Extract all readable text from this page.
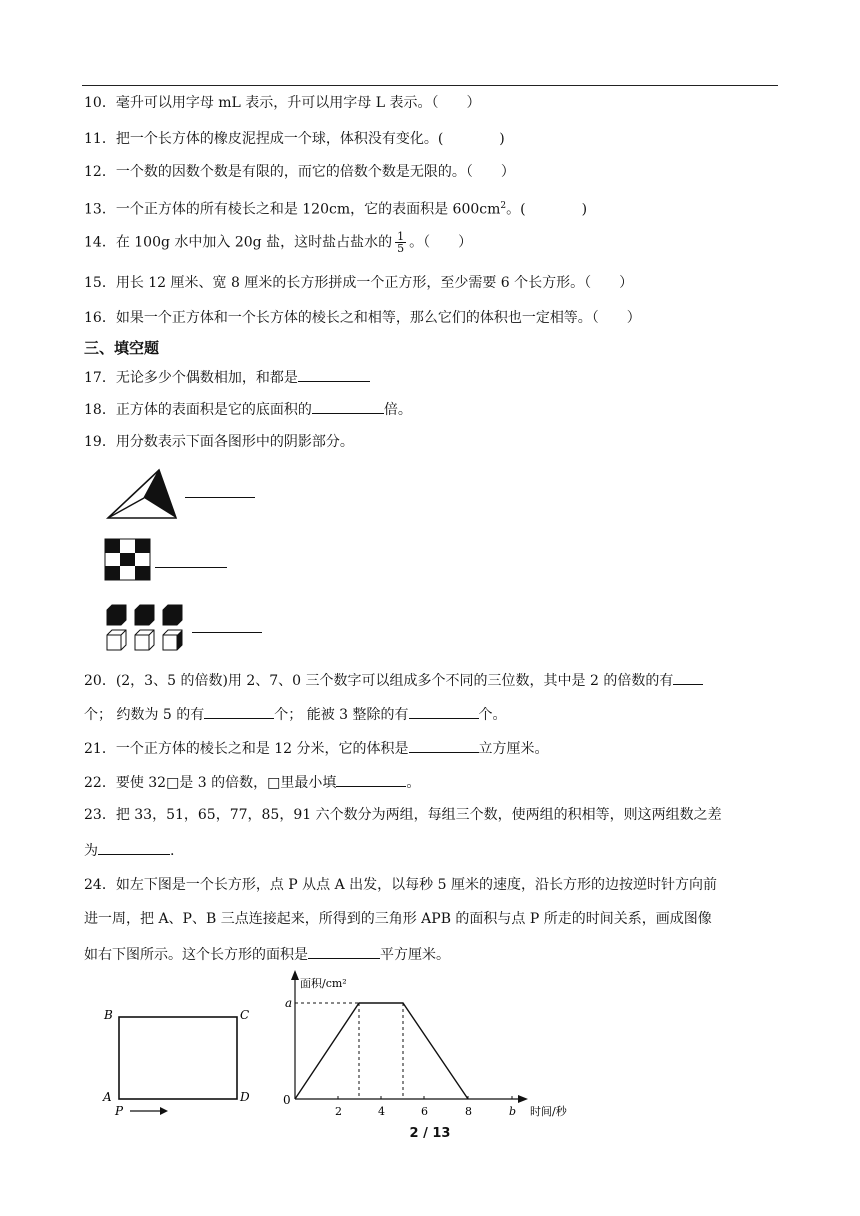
10．毫升可以用字母 mL 表示，升可以用字母 L 表示。（　　）
11．把一个长方体的橡皮泥捏成一个球，体积没有变化。(　　　　)
12．一个数的因数个数是有限的，而它的倍数个数是无限的。（　　）
13．一个正方体的所有棱长之和是 120cm，它的表面积是 $600cm^2$。(　　　　)
14．在 100g 水中加入 20g 盐，这时盐占盐水的 $\frac{1}{5}$ 。（　　）
15．用长 12 厘米、宽 8 厘米的长方形拼成一个正方形，至少需要 6 个长方形。（　　）
16．如果一个正方体和一个长方体的棱长之和相等，那么它们的体积也一定相等。（　　）
三、填空题
17．无论多少个偶数相加，和都是
18．正方体的表面积是它的底面积的	倍。
19．用分数表示下面各图形中的阴影部分。
20．(2，3、5 的倍数)用 2、7、0 三个数字可以组成多个不同的三位数，其中是 2 的倍数的有
个； 约数为 5 的有	个； 能被 3 整除的有	个。
21．一个正方体的棱长之和是 12 分米，它的体积是	立方厘米。
22．要使 32□是 3 的倍数，□里最小填	。
23．把 33，51，65，77，85，91 六个数分为两组，每组三个数，使两组的积相等，则这两组数之差
为	.
24．如左下图是一个长方形，点 P 从点 A 出发，以每秒 5 厘米的速度，沿长方形的边按逆时针方向前
进一周，把 A、P、B 三点连接起来，所得到的三角形 APB 的面积与点 P 所走的时间关系，画成图像
如右下图所示。这个长方形的面积是	平方厘米。
B	C
A	D
P
面积/cm²
时间/秒
a
0
2	4	6	8	b
2 / 13
